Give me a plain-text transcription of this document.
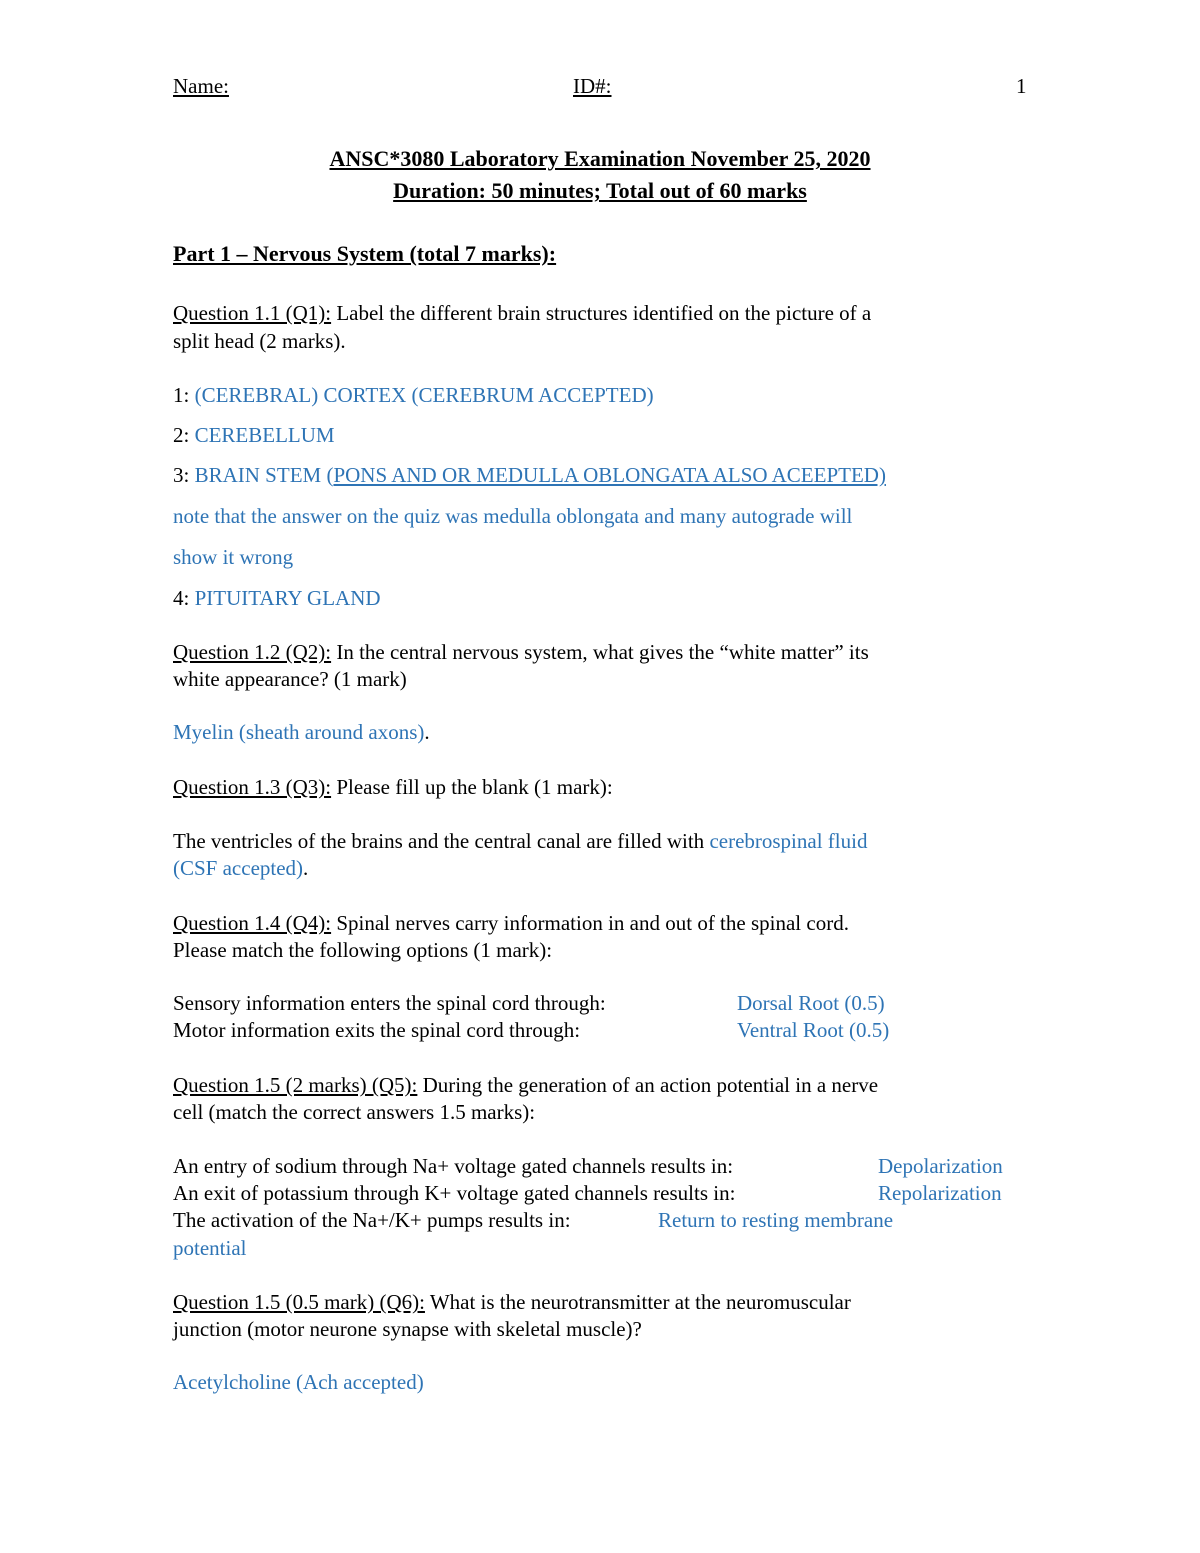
Name:	ID#:	1
ANSC*3080 Laboratory Examination November 25, 2020
Duration: 50 minutes; Total out of 60 marks
Part 1 – Nervous System (total 7 marks):
Question 1.1 (Q1): Label the different brain structures identified on the picture of a
split head (2 marks).
1: (CEREBRAL) CORTEX (CEREBRUM ACCEPTED)
2: CEREBELLUM
3: BRAIN STEM (PONS AND OR MEDULLA OBLONGATA ALSO ACEEPTED)
note that the answer on the quiz was medulla oblongata and many autograde will
show it wrong
4: PITUITARY GLAND
Question 1.2 (Q2): In the central nervous system, what gives the “white matter” its
white appearance? (1 mark)
Myelin (sheath around axons).
Question 1.3 (Q3): Please fill up the blank (1 mark):
The ventricles of the brains and the central canal are filled with cerebrospinal fluid
(CSF accepted).
Question 1.4 (Q4): Spinal nerves carry information in and out of the spinal cord.
Please match the following options (1 mark):
Sensory information enters the spinal cord through:	Dorsal Root (0.5)
Motor information exits the spinal cord through:	Ventral Root (0.5)
Question 1.5 (2 marks) (Q5): During the generation of an action potential in a nerve
cell (match the correct answers 1.5 marks):
An entry of sodium through Na+ voltage gated channels results in:	Depolarization
An exit of potassium through K+ voltage gated channels results in:	Repolarization
The activation of the Na+/K+ pumps results in:	Return to resting membrane
potential
Question 1.5 (0.5 mark) (Q6): What is the neurotransmitter at the neuromuscular
junction (motor neurone synapse with skeletal muscle)?
Acetylcholine (Ach accepted)
